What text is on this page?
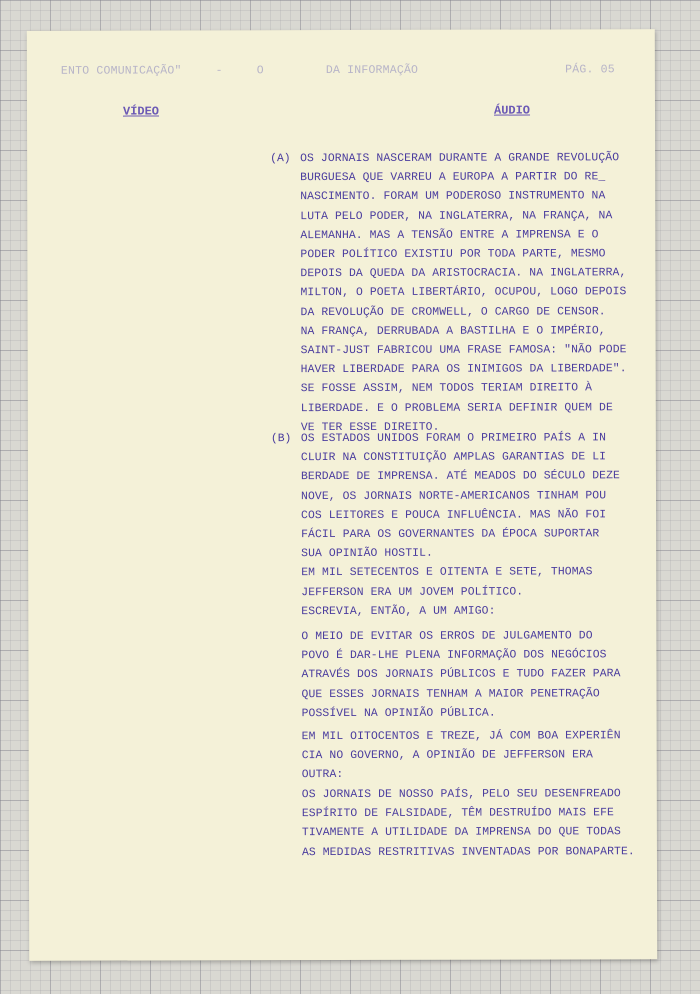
ENTO COMUNICAÇÃO"	-	O	DA INFORMAÇÃO	PÁG. 05
VÍDEO	ÁUDIO
(A) OS JORNAIS NASCERAM DURANTE A GRANDE REVOLUÇÃO
BURGUESA QUE VARREU A EUROPA A PARTIR DO RE_
NASCIMENTO. FORAM UM PODEROSO INSTRUMENTO NA
LUTA PELO PODER, NA INGLATERRA, NA FRANÇA, NA
ALEMANHA. MAS A TENSÃO ENTRE A IMPRENSA E O
PODER POLÍTICO EXISTIU POR TODA PARTE, MESMO
DEPOIS DA QUEDA DA ARISTOCRACIA. NA INGLATERRA,
MILTON, O POETA LIBERTÁRIO, OCUPOU, LOGO DEPOIS
DA REVOLUÇÃO DE CROMWELL, O CARGO DE CENSOR.
NA FRANÇA, DERRUBADA A BASTILHA E O IMPÉRIO,
SAINT-JUST FABRICOU UMA FRASE FAMOSA: "NÃO PODE
HAVER LIBERDADE PARA OS INIMIGOS DA LIBERDADE".
SE FOSSE ASSIM, NEM TODOS TERIAM DIREITO À
LIBERDADE. E O PROBLEMA SERIA DEFINIR QUEM DE
VE TER ESSE DIREITO.
(B) OS ESTADOS UNIDOS FORAM O PRIMEIRO PAÍS A IN
CLUIR NA CONSTITUIÇÃO AMPLAS GARANTIAS DE LI
BERDADE DE IMPRENSA. ATÉ MEADOS DO SÉCULO DEZE
NOVE, OS JORNAIS NORTE-AMERICANOS TINHAM POU
COS LEITORES E POUCA INFLUÊNCIA. MAS NÃO FOI
FÁCIL PARA OS GOVERNANTES DA ÉPOCA SUPORTAR
SUA OPINIÃO HOSTIL.
EM MIL SETECENTOS E OITENTA E SETE, THOMAS
JEFFERSON ERA UM JOVEM POLÍTICO.
ESCREVIA, ENTÃO, A UM AMIGO:
O MEIO DE EVITAR OS ERROS DE JULGAMENTO DO
POVO É DAR-LHE PLENA INFORMAÇÃO DOS NEGÓCIOS
ATRAVÉS DOS JORNAIS PÚBLICOS E TUDO FAZER PARA
QUE ESSES JORNAIS TENHAM A MAIOR PENETRAÇÃO
POSSÍVEL NA OPINIÃO PÚBLICA.
EM MIL OITOCENTOS E TREZE, JÁ COM BOA EXPERIÊN
CIA NO GOVERNO, A OPINIÃO DE JEFFERSON ERA
OUTRA:
OS JORNAIS DE NOSSO PAÍS, PELO SEU DESENFREADO
ESPÍRITO DE FALSIDADE, TÊM DESTRUÍDO MAIS EFE
TIVAMENTE A UTILIDADE DA IMPRENSA DO QUE TODAS
AS MEDIDAS RESTRITIVAS INVENTADAS POR BONAPARTE.
